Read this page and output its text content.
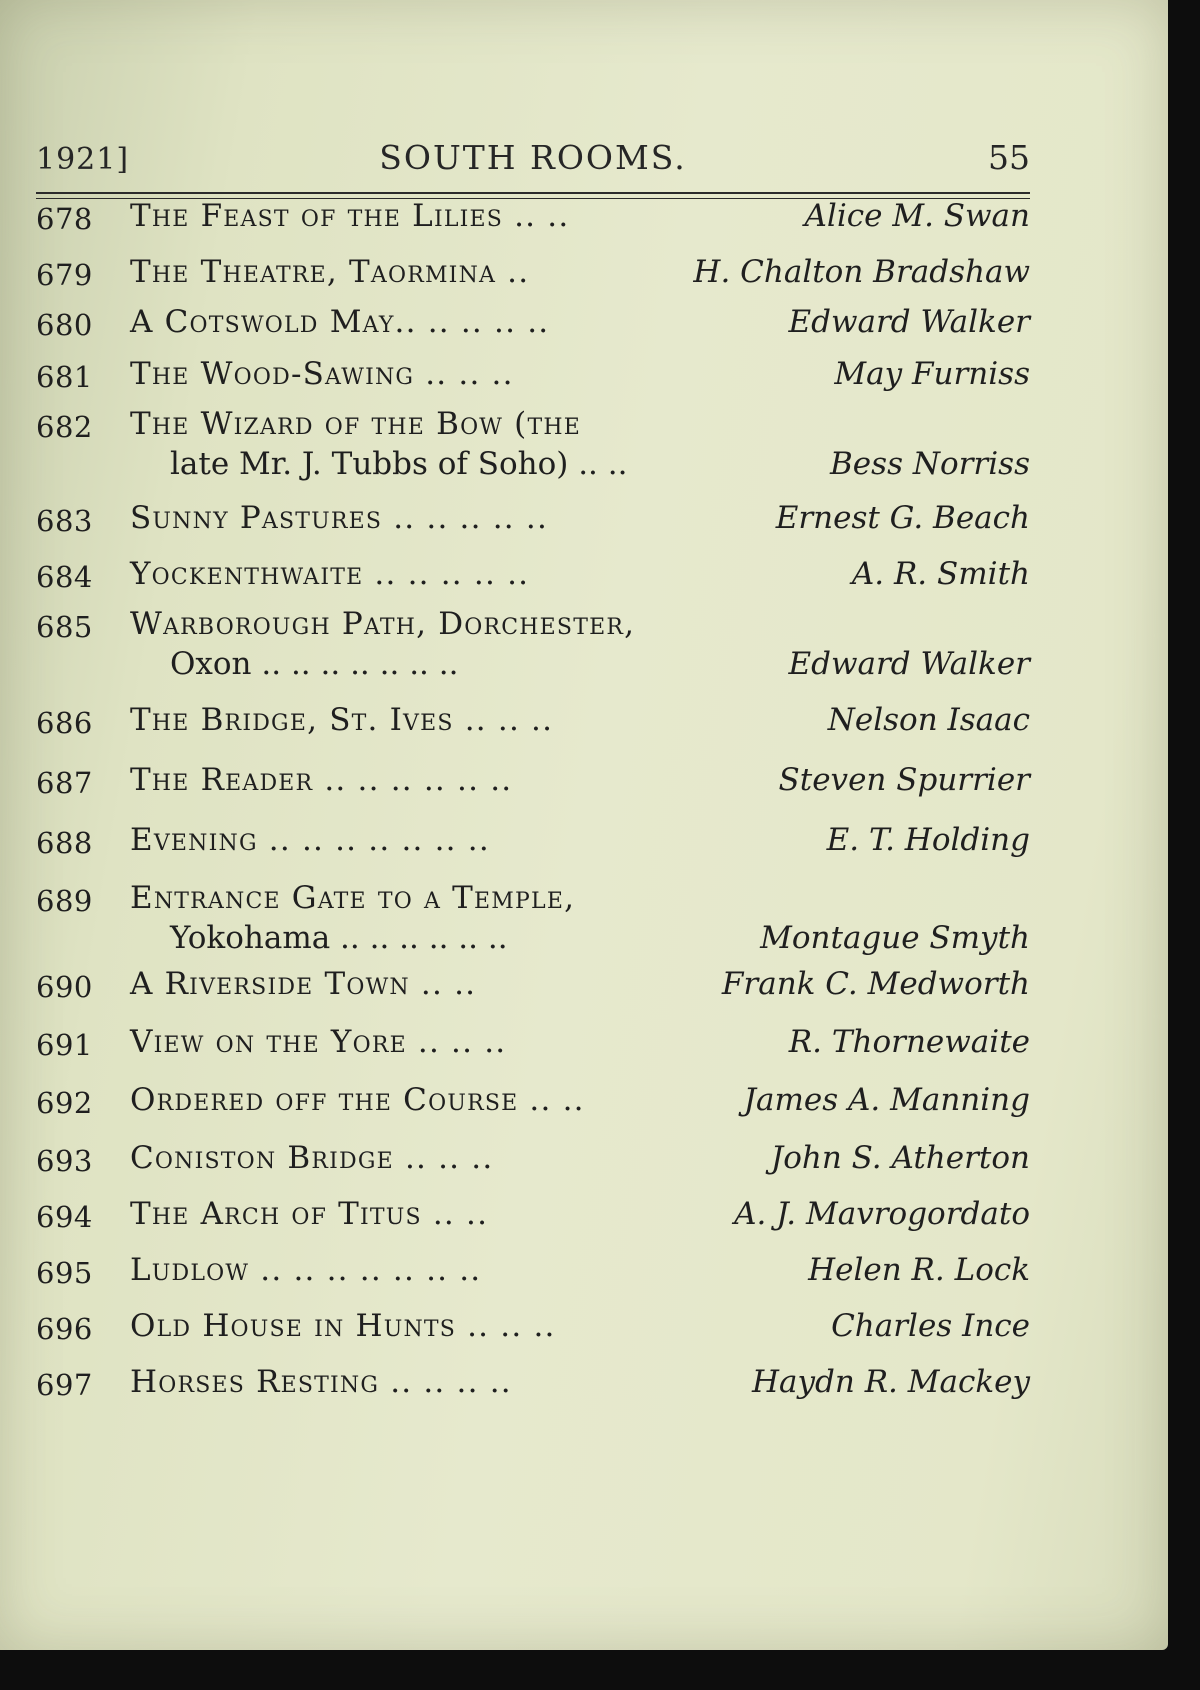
1921]	SOUTH ROOMS.	55
678 The Feast of the Lilies .. ..	Alice M. Swan
679 The Theatre, Taormina ..	H. Chalton Bradshaw
680 A Cotswold May.. .. .. .. ..	Edward Walker
681 The Wood-Sawing .. .. ..	May Furniss
682 The Wizard of the Bow (the
late Mr. J. Tubbs of Soho) .. ..	Bess Norriss
683 Sunny Pastures .. .. .. .. ..	Ernest G. Beach
684 Yockenthwaite .. .. .. .. ..	A. R. Smith
685 Warborough Path, Dorchester,
Oxon .. .. .. .. .. .. ..	Edward Walker
686 The Bridge, St. Ives .. .. ..	Nelson Isaac
687 The Reader .. .. .. .. .. ..	Steven Spurrier
688 Evening .. .. .. .. .. .. ..	E. T. Holding
689 Entrance Gate to a Temple,
Yokohama .. .. .. .. .. ..	Montague Smyth
690 A Riverside Town .. ..	Frank C. Medworth
691 View on the Yore .. .. ..	R. Thornewaite
692 Ordered off the Course .. ..	James A. Manning
693 Coniston Bridge .. .. ..	John S. Atherton
694 The Arch of Titus .. ..	A. J. Mavrogordato
695 Ludlow .. .. .. .. .. .. ..	Helen R. Lock
696 Old House in Hunts .. .. ..	Charles Ince
697 Horses Resting .. .. .. ..	Haydn R. Mackey
